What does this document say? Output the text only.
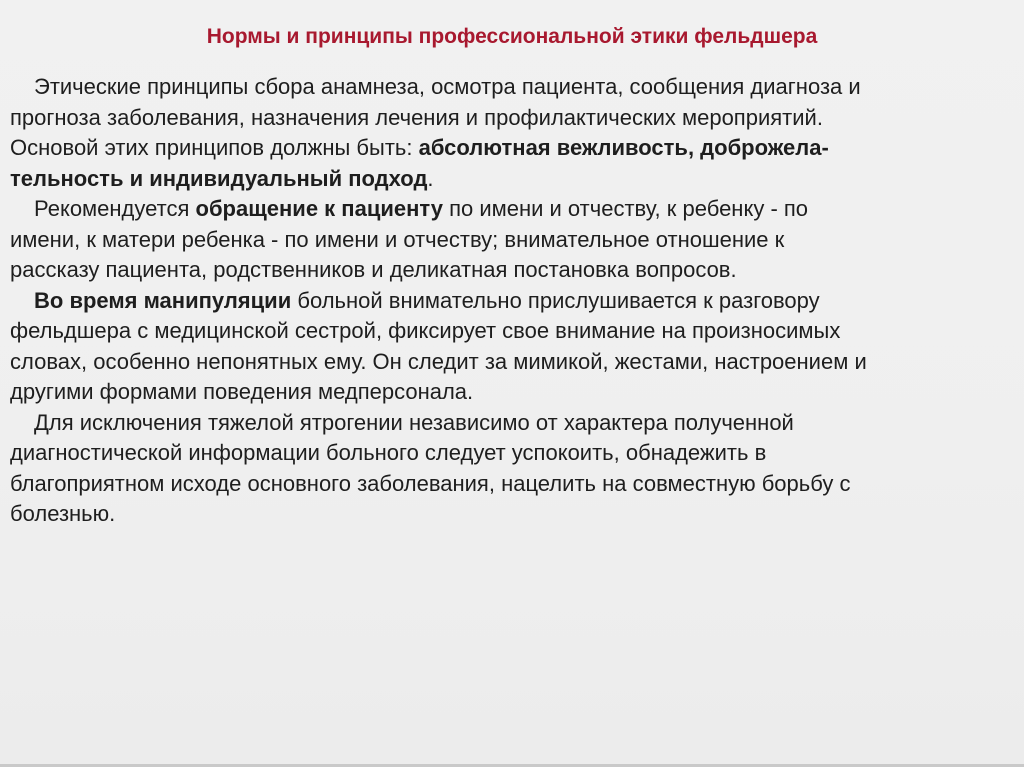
Нормы и принципы профессиональной этики фельдшера
Этические принципы сбора анамнеза, осмотра пациента, сообщения диагноза и
прогноза заболевания, назначения лечения и профилактических мероприятий.
Основой этих принципов должны быть: абсолютная вежливость, доброжела-
тельность и индивидуальный подход.
Рекомендуется обращение к пациенту по имени и отчеству, к ребенку - по
имени, к матери ребенка - по имени и отчеству; внимательное отношение к
рассказу пациента, родственников и деликатная постановка вопросов.
Во время манипуляции больной внимательно прислушивается к разговору
фельдшера с медицинской сестрой, фиксирует свое внимание на произносимых
словах, особенно непонятных ему. Он следит за мимикой, жестами, настроением и
другими формами поведения медперсонала.
Для исключения тяжелой ятрогении независимо от характера полученной
диагностической информации больного следует успокоить, обнадежить в
благоприятном исходе основного заболевания, нацелить на совместную борьбу с
болезнью.
